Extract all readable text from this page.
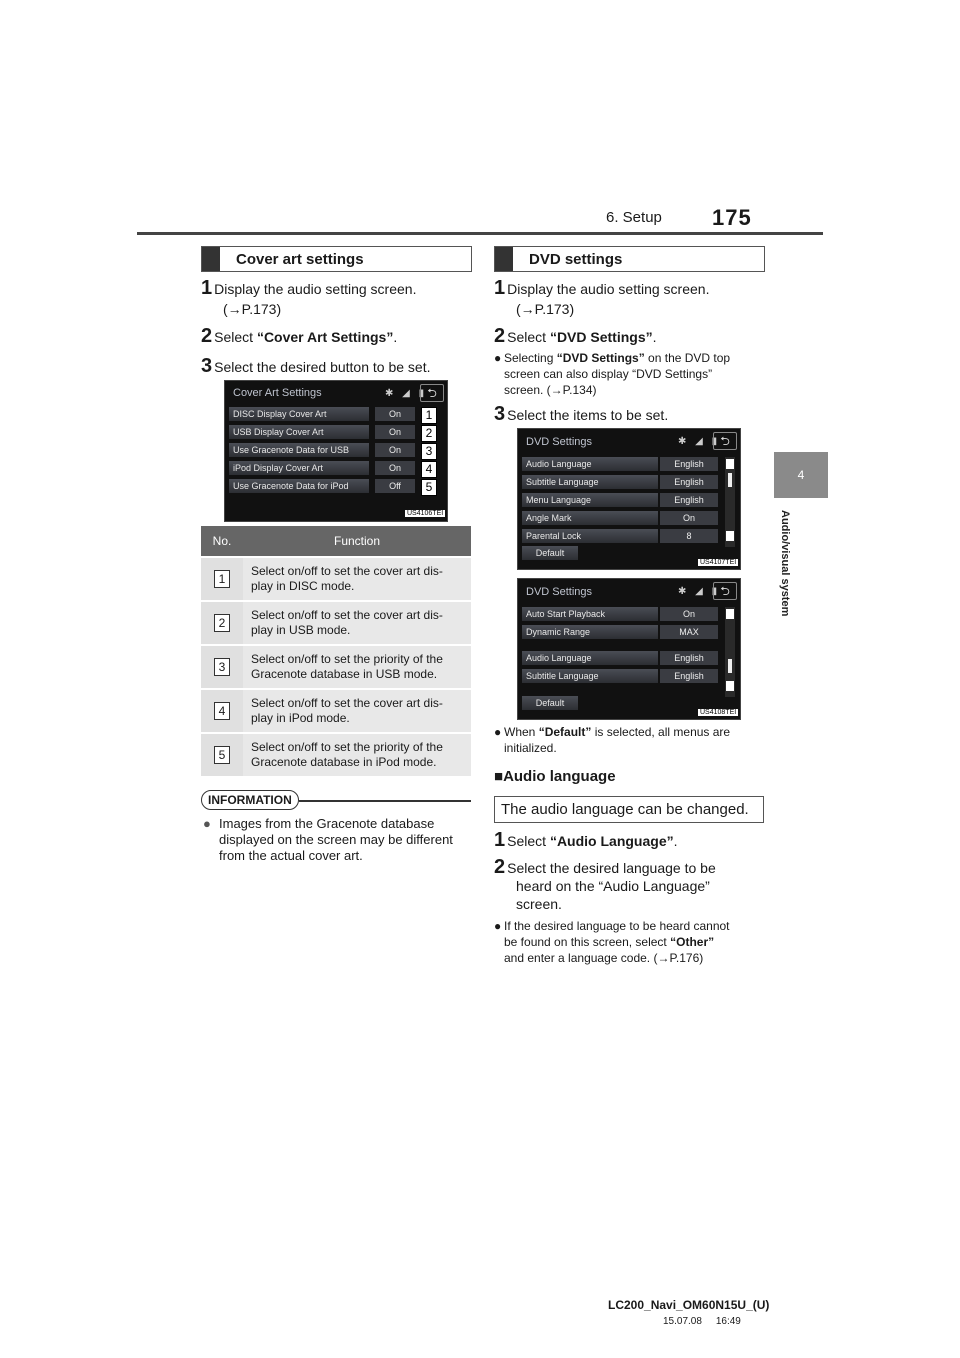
6. Setup 175
4
Audio/visual system
Cover art settings
1 Display the audio setting screen.
(→P.173)
2 Select “Cover Art Settings”.
3 Select the desired button to be set.
Cover Art Settings	✱ ◢ ▮ ⮌
DISC Display Cover Art	On	1
USB Display Cover Art	On	2
Use Gracenote Data for USB	On	3
iPod Display Cover Art	On	4
Use Gracenote Data for iPod	Off	5
US4106TEI
No.	Function
1	Select on/off to set the cover art dis-
play in DISC mode.
2	Select on/off to set the cover art dis-
play in USB mode.
3	Select on/off to set the priority of the
Gracenote database in USB mode.
4	Select on/off to set the cover art dis-
play in iPod mode.
5	Select on/off to set the priority of the
Gracenote database in iPod mode.
INFORMATION
● Images from the Gracenote database
displayed on the screen may be different
from the actual cover art.
DVD settings
1 Display the audio setting screen.
(→P.173)
2 Select “DVD Settings”.
● Selecting “DVD Settings” on the DVD top
screen can also display “DVD Settings”
screen. (→P.134)
3 Select the items to be set.
DVD Settings	✱ ◢ ▮ ⮌
Audio Language	English
Subtitle Language	English
Menu Language	English
Angle Mark	On
Parental Lock	8
Default
US4107TEI
DVD Settings	✱ ◢ ▮ ⮌
Auto Start Playback	On
Dynamic Range	MAX
Audio Language	English
Subtitle Language	English
Default
US4108TEI
● When “Default” is selected, all menus are
initialized.
■Audio language
The audio language can be changed.
1 Select “Audio Language”.
2 Select the desired language to be
heard on the “Audio Language”
screen.
● If the desired language to be heard cannot
be found on this screen, select “Other”
and enter a language code. (→P.176)
LC200_Navi_OM60N15U_(U)
15.07.08     16:49
